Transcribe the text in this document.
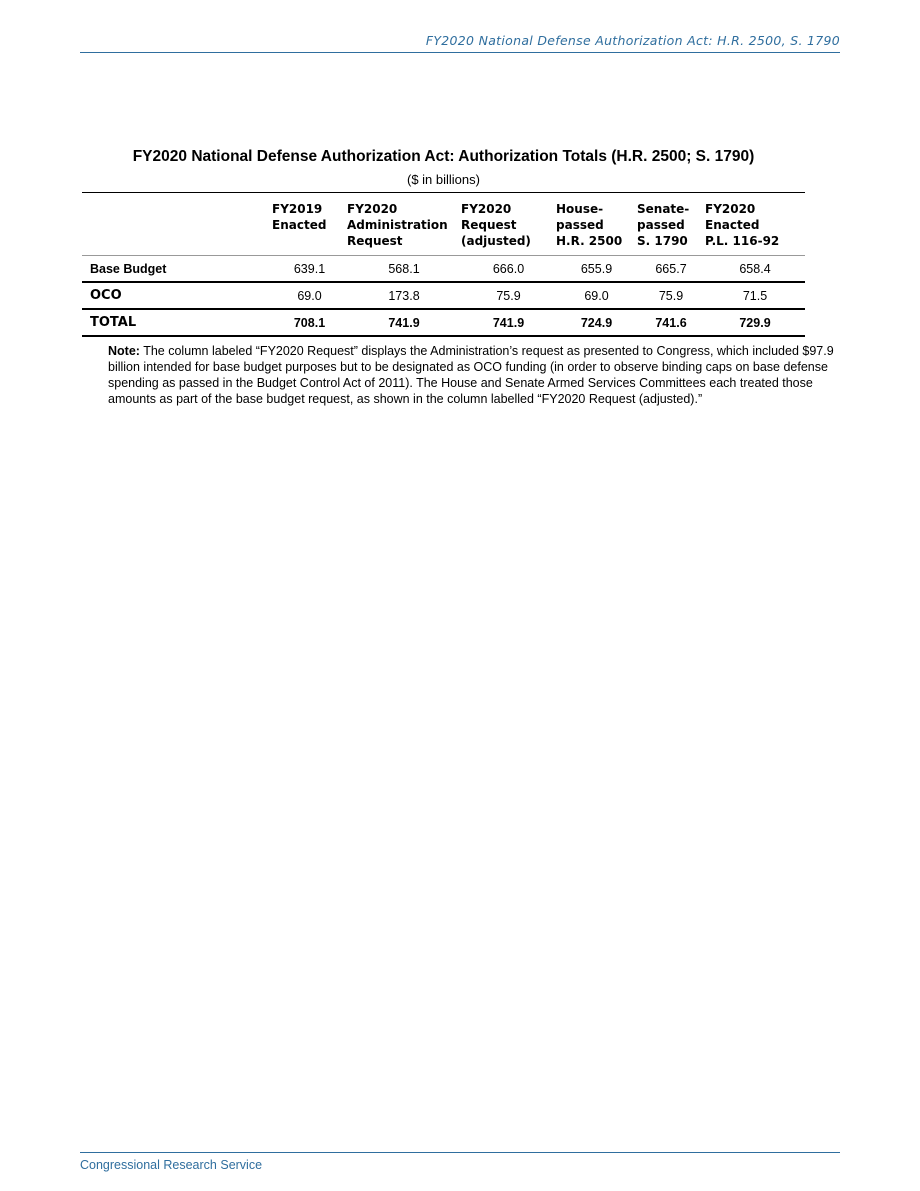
FY2020 National Defense Authorization Act: H.R. 2500, S. 1790

FY2020 National Defense Authorization Act: Authorization Totals (H.R. 2500; S. 1790)

($ in billions)

	FY2019
Enacted	FY2020
Administration
Request	FY2020
Request
(adjusted)	House-
passed
H.R. 2500	Senate-
passed
S. 1790	FY2020
Enacted
P.L. 116-92

Base Budget	639.1	568.1	666.0	655.9	665.7	658.4
OCO	69.0	173.8	75.9	69.0	75.9	71.5
TOTAL	708.1	741.9	741.9	724.9	741.6	729.9
Note: The column labeled “FY2020 Request” displays the Administration’s request as presented to Congress, which included $97.9 billion intended for base budget purposes but to be designated as OCO funding (in order to observe binding caps on base defense spending as passed in the Budget Control Act of 2011). The House and Senate Armed Services Committees each treated those amounts as part of the base budget request, as shown in the column labelled “FY2020 Request (adjusted).”
Congressional Research Service
